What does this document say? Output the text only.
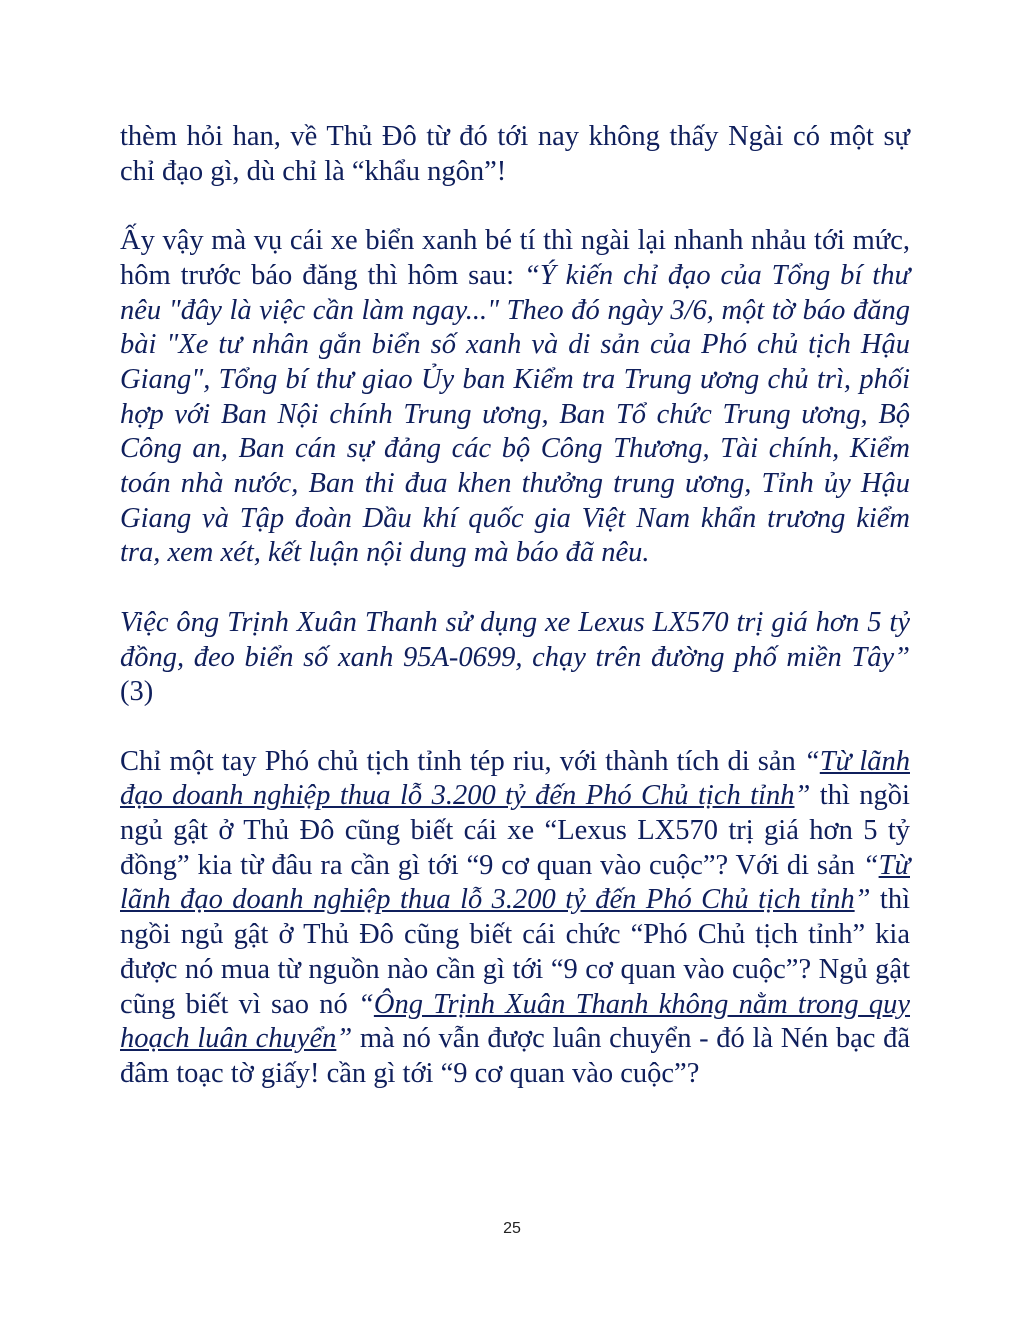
thèm hỏi han, về Thủ Đô từ đó tới nay không thấy Ngài có một sự chỉ đạo gì, dù chỉ là “khẩu ngôn”!

Ấy vậy mà vụ cái xe biển xanh bé tí thì ngài lại nhanh nhảu tới mức, hôm trước báo đăng thì hôm sau: “Ý kiến chỉ đạo của Tổng bí thư nêu "đây là việc cần làm ngay..." Theo đó ngày 3/6, một tờ báo đăng bài "Xe tư nhân gắn biển số xanh và di sản của Phó chủ tịch Hậu Giang", Tổng bí thư giao Ủy ban Kiểm tra Trung ương chủ trì, phối hợp với Ban Nội chính Trung ương, Ban Tổ chức Trung ương, Bộ Công an, Ban cán sự đảng các bộ Công Thương, Tài chính, Kiểm toán nhà nước, Ban thi đua khen thưởng trung ương, Tỉnh ủy Hậu Giang và Tập đoàn Dầu khí quốc gia Việt Nam khẩn trương kiểm tra, xem xét, kết luận nội dung mà báo đã nêu.

Việc ông Trịnh Xuân Thanh sử dụng xe Lexus LX570 trị giá hơn 5 tỷ đồng, đeo biển số xanh 95A-0699, chạy trên đường phố miền Tây” (3)

Chỉ một tay Phó chủ tịch tỉnh tép riu, với thành tích di sản “Từ lãnh đạo doanh nghiệp thua lỗ 3.200 tỷ đến Phó Chủ tịch tỉnh” thì ngồi ngủ gật ở Thủ Đô cũng biết cái xe “Lexus LX570 trị giá hơn 5 tỷ đồng” kia từ đâu ra cần gì tới “9 cơ quan vào cuộc”? Với di sản “Từ lãnh đạo doanh nghiệp thua lỗ 3.200 tỷ đến Phó Chủ tịch tỉnh” thì ngồi ngủ gật ở Thủ Đô cũng biết cái chức “Phó Chủ tịch tỉnh” kia được nó mua từ nguồn nào cần gì tới “9 cơ quan vào cuộc”? Ngủ gật cũng biết vì sao nó “Ông Trịnh Xuân Thanh không nằm trong quy hoạch luân chuyển” mà nó vẫn được luân chuyển - đó là Nén bạc đã đâm toạc tờ giấy! cần gì tới “9 cơ quan vào cuộc”?

25
